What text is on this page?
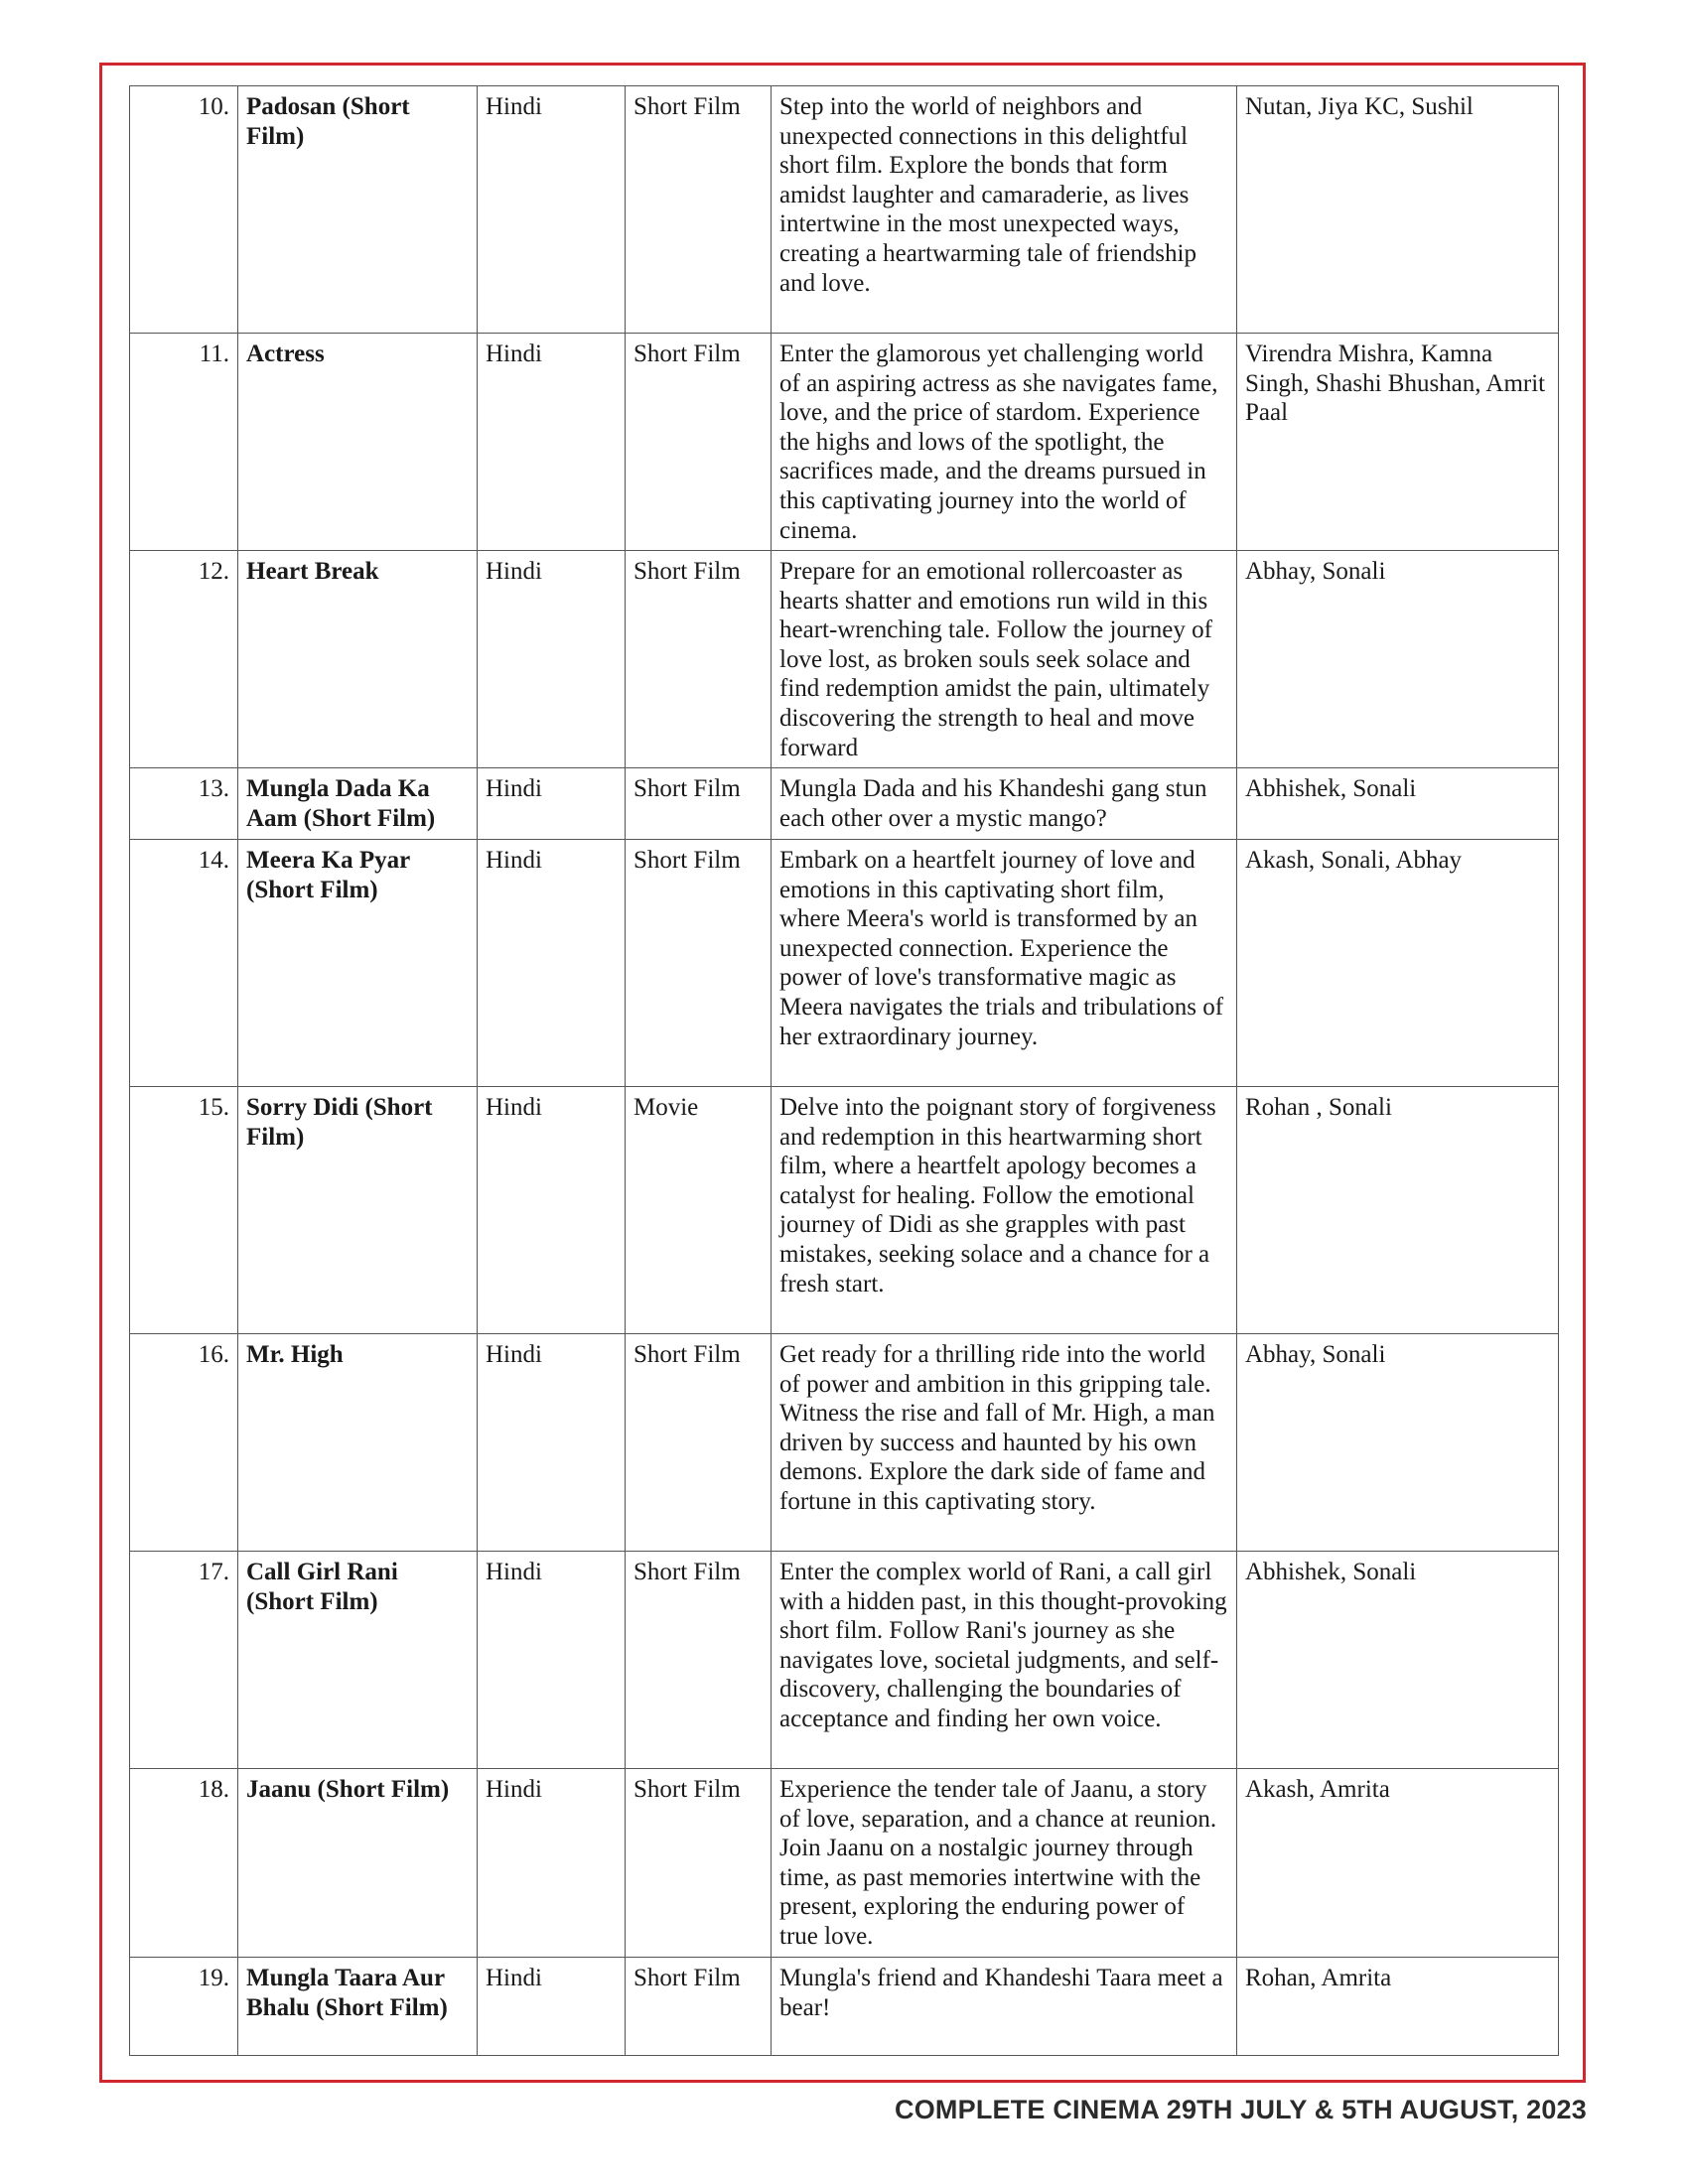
10.	Padosan (Short Film)	Hindi	Short Film	Step into the world of neighbors and unexpected connections in this delightful short film. Explore the bonds that form amidst laughter and camaraderie, as lives intertwine in the most unexpected ways, creating a heartwarming tale of friendship and love.	Nutan, Jiya KC, Sushil
11.	Actress	Hindi	Short Film	Enter the glamorous yet challenging world of an aspiring actress as she navigates fame, love, and the price of stardom. Experience the highs and lows of the spotlight, the sacrifices made, and the dreams pursued in this captivating journey into the world of cinema.	Virendra Mishra, Kamna Singh, Shashi Bhushan, Amrit Paal
12.	Heart Break	Hindi	Short Film	Prepare for an emotional rollercoaster as hearts shatter and emotions run wild in this heart-wrenching tale. Follow the journey of love lost, as broken souls seek solace and find redemption amidst the pain, ultimately discovering the strength to heal and move forward	Abhay, Sonali
13.	Mungla Dada Ka Aam (Short Film)	Hindi	Short Film	Mungla Dada and his Khandeshi gang stun each other over a mystic mango?	Abhishek, Sonali
14.	Meera Ka Pyar (Short Film)	Hindi	Short Film	Embark on a heartfelt journey of love and emotions in this captivating short film, where Meera's world is transformed by an unexpected connection. Experience the power of love's transformative magic as Meera navigates the trials and tribulations of her extraordinary journey.	Akash, Sonali, Abhay
15.	Sorry Didi (Short Film)	Hindi	Movie	Delve into the poignant story of forgiveness and redemption in this heartwarming short film, where a heartfelt apology becomes a catalyst for healing. Follow the emotional journey of Didi as she grapples with past mistakes, seeking solace and a chance for a fresh start.	Rohan , Sonali
16.	Mr. High	Hindi	Short Film	Get ready for a thrilling ride into the world of power and ambition in this gripping tale. Witness the rise and fall of Mr. High, a man driven by success and haunted by his own demons. Explore the dark side of fame and fortune in this captivating story.	Abhay, Sonali
17.	Call Girl Rani (Short Film)	Hindi	Short Film	Enter the complex world of Rani, a call girl with a hidden past, in this thought-provoking short film. Follow Rani's journey as she navigates love, societal judgments, and self-discovery, challenging the boundaries of acceptance and finding her own voice.	Abhishek, Sonali
18.	Jaanu (Short Film)	Hindi	Short Film	Experience the tender tale of Jaanu, a story of love, separation, and a chance at reunion. Join Jaanu on a nostalgic journey through time, as past memories intertwine with the present, exploring the enduring power of true love.	Akash, Amrita
19.	Mungla Taara Aur Bhalu (Short Film)	Hindi	Short Film	Mungla's friend and Khandeshi Taara meet a bear!	Rohan, Amrita
COMPLETE CINEMA 29TH JULY & 5TH AUGUST, 2023
